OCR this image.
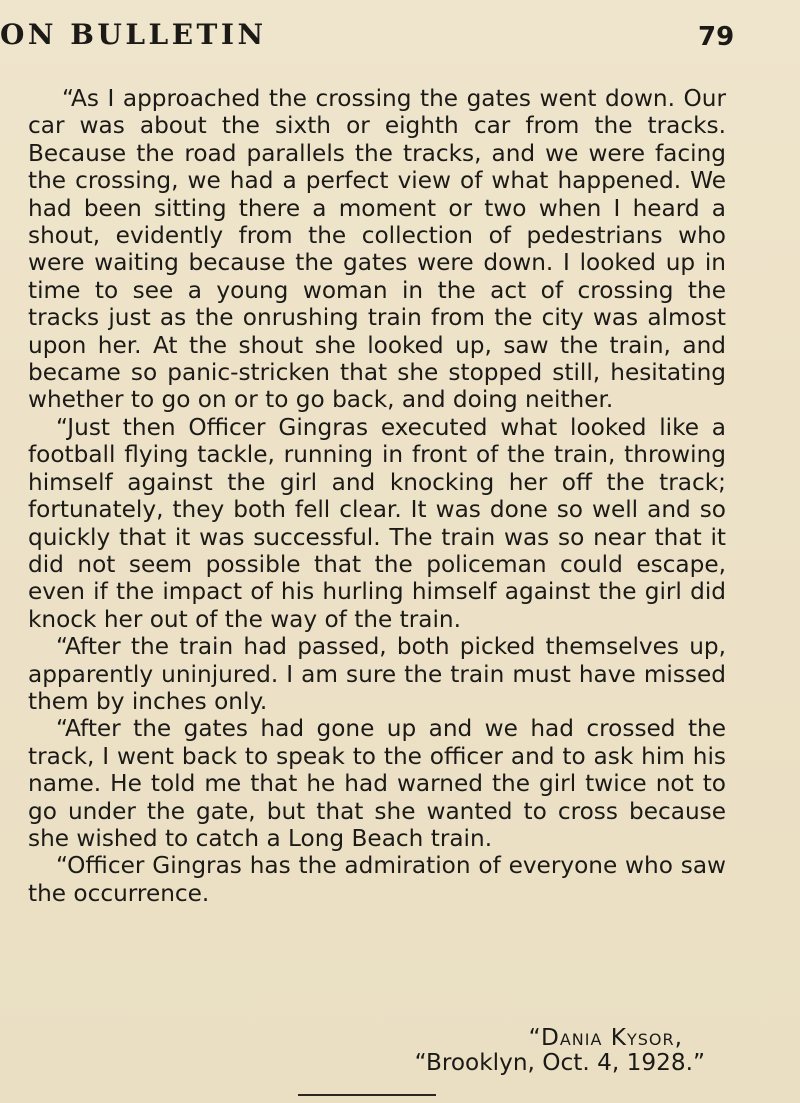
ON BULLETIN	79

“As I approached the crossing the gates went down. Our car was about the sixth or eighth car from the tracks. Because the road parallels the tracks, and we were facing the crossing, we had a perfect view of what happened. We had been sitting there a moment or two when I heard a shout, evidently from the collection of pedestrians who were waiting because the gates were down. I looked up in time to see a young woman in the act of crossing the tracks just as the onrushing train from the city was almost upon her. At the shout she looked up, saw the train, and became so panic-stricken that she stopped still, hesitating whether to go on or to go back, and doing neither.

“Just then Officer Gingras executed what looked like a football flying tackle, running in front of the train, throwing himself against the girl and knocking her off the track; fortunately, they both fell clear. It was done so well and so quickly that it was successful. The train was so near that it did not seem possible that the policeman could escape, even if the impact of his hurling himself against the girl did knock her out of the way of the train.

“After the train had passed, both picked themselves up, apparently uninjured. I am sure the train must have missed them by inches only.

“After the gates had gone up and we had crossed the track, I went back to speak to the officer and to ask him his name. He told me that he had warned the girl twice not to go under the gate, but that she wanted to cross because she wished to catch a Long Beach train.

“Officer Gingras has the admiration of everyone who saw the occurrence.

“Dania Kysor,
“Brooklyn, Oct. 4, 1928.”
